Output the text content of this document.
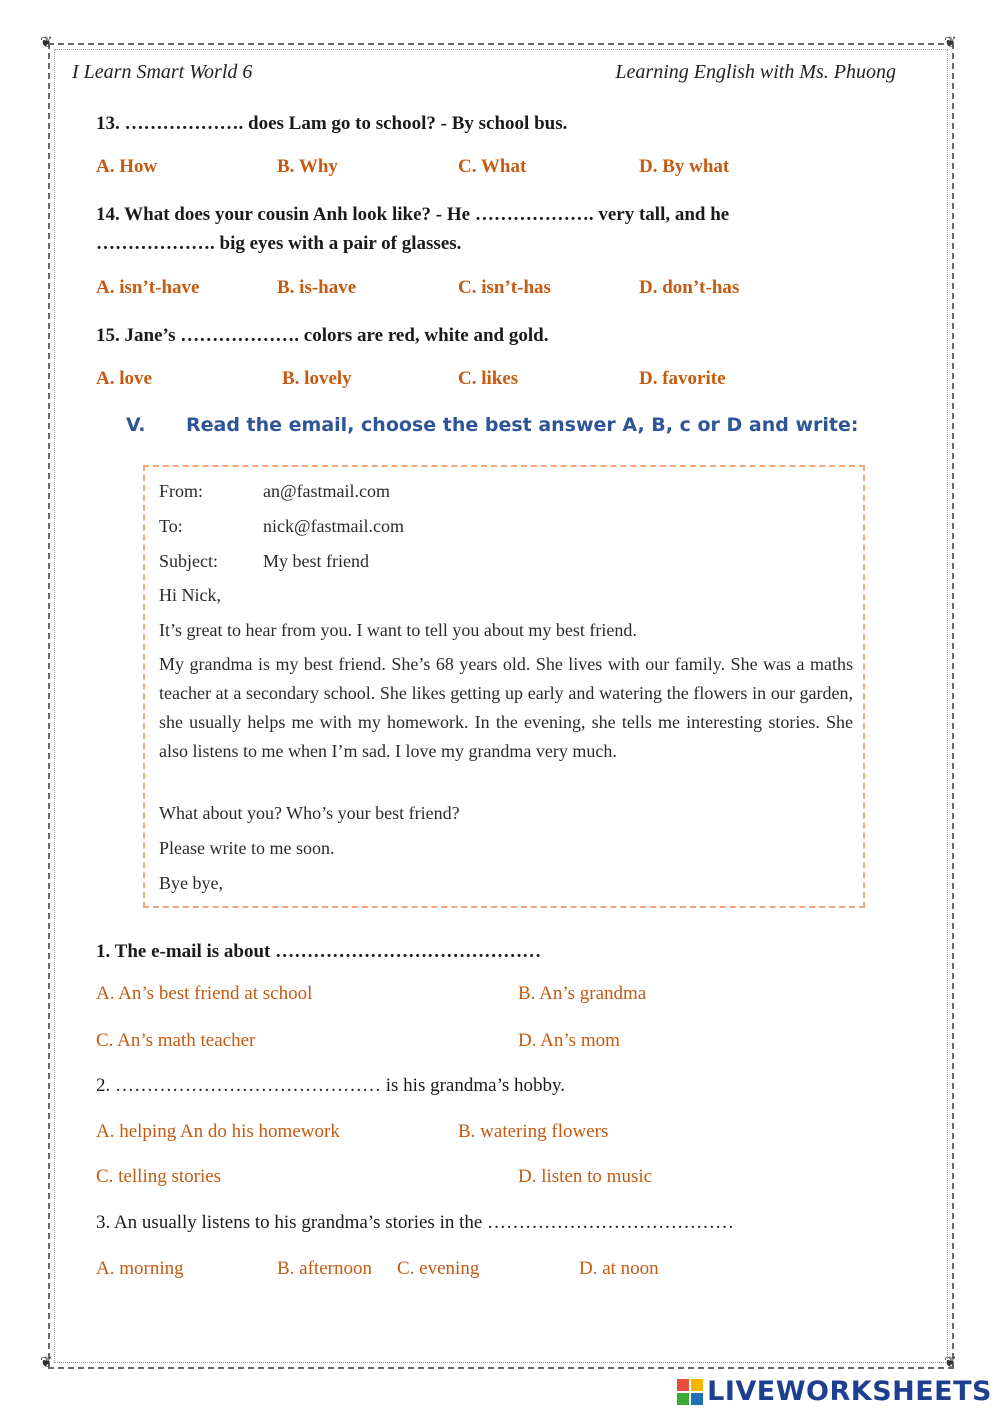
❦	❦
❦	❦
I Learn Smart World 6	Learning English with Ms. Phuong
13. ………………. does Lam go to school? - By school bus.
A. How	B. Why	C. What	D. By what
14. What does your cousin Anh look like? - He ………………. very tall, and he
………………. big eyes with a pair of glasses.
A. isn’t-have	B. is-have	C. isn’t-has	D. don’t-has
15. Jane’s ………………. colors are red, white and gold.
A. love	B. lovely	C. likes	D. favorite
V. Read the email, choose the best answer A, B, c or D and write:
From:	an@fastmail.com
To:	nick@fastmail.com
Subject:	My best friend
Hi Nick,
It’s great to hear from you. I want to tell you about my best friend.
My grandma is my best friend. She’s 68 years old. She lives with our family. She was a maths teacher at a secondary school. She likes getting up early and watering the flowers in our garden, she usually helps me with my homework. In the evening, she tells me interesting stories. She also listens to me when I’m sad. I love my grandma very much.
What about you? Who’s your best friend?
Please write to me soon.
Bye bye,
1. The e-mail is about ……………………………………
A. An’s best friend at school	B. An’s grandma
C. An’s math teacher	D. An’s mom
2. …………………………………… is his grandma’s hobby.
A. helping An do his homework	B. watering flowers
C. telling stories	D. listen to music
3. An usually listens to his grandma’s stories in the …………………………………
A. morning	B. afternoon C. evening	D. at noon
LIVEWORKSHEETS
